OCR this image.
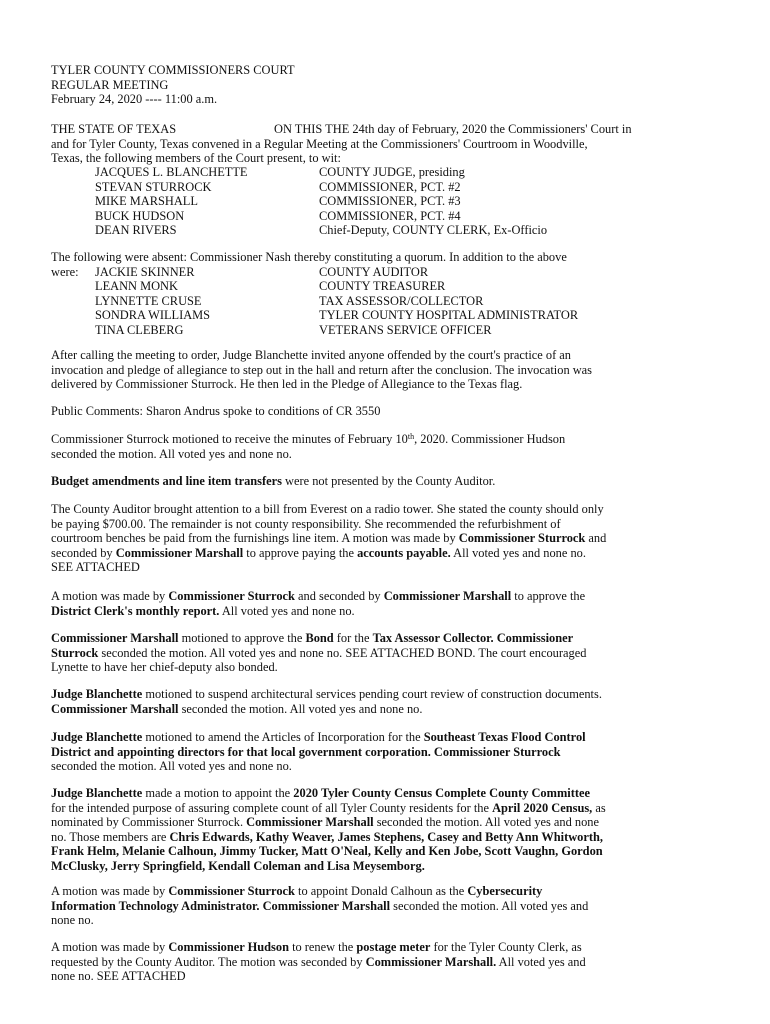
TYLER COUNTY COMMISSIONERS COURT
REGULAR MEETING
February 24, 2020 ---- 11:00 a.m.
THE STATE OF TEXAS	ON THIS THE 24th day of February, 2020 the Commissioners' Court in
and for Tyler County, Texas convened in a Regular Meeting at the Commissioners' Courtroom in Woodville,
Texas, the following members of the Court present, to wit:
JACQUES L. BLANCHETTE	COUNTY JUDGE, presiding
STEVAN STURROCK	COMMISSIONER, PCT. #2
MIKE MARSHALL	COMMISSIONER, PCT. #3
BUCK HUDSON	COMMISSIONER, PCT. #4
DEAN RIVERS	Chief-Deputy, COUNTY CLERK, Ex-Officio
The following were absent: Commissioner Nash thereby constituting a quorum. In addition to the above
were:	JACKIE SKINNER	COUNTY AUDITOR
LEANN MONK	COUNTY TREASURER
LYNNETTE CRUSE	TAX ASSESSOR/COLLECTOR
SONDRA WILLIAMS	TYLER COUNTY HOSPITAL ADMINISTRATOR
TINA CLEBERG	VETERANS SERVICE OFFICER
After calling the meeting to order, Judge Blanchette invited anyone offended by the court's practice of an
invocation and pledge of allegiance to step out in the hall and return after the conclusion. The invocation was
delivered by Commissioner Sturrock. He then led in the Pledge of Allegiance to the Texas flag.
Public Comments: Sharon Andrus spoke to conditions of CR 3550
Commissioner Sturrock motioned to receive the minutes of February 10th, 2020. Commissioner Hudson
seconded the motion. All voted yes and none no.
Budget amendments and line item transfers were not presented by the County Auditor.
The County Auditor brought attention to a bill from Everest on a radio tower. She stated the county should only
be paying $700.00. The remainder is not county responsibility. She recommended the refurbishment of
courtroom benches be paid from the furnishings line item. A motion was made by Commissioner Sturrock and
seconded by Commissioner Marshall to approve paying the accounts payable. All voted yes and none no.
SEE ATTACHED
A motion was made by Commissioner Sturrock and seconded by Commissioner Marshall to approve the
District Clerk's monthly report. All voted yes and none no.
Commissioner Marshall motioned to approve the Bond for the Tax Assessor Collector. Commissioner
Sturrock seconded the motion. All voted yes and none no. SEE ATTACHED BOND. The court encouraged
Lynette to have her chief-deputy also bonded.
Judge Blanchette motioned to suspend architectural services pending court review of construction documents.
Commissioner Marshall seconded the motion. All voted yes and none no.
Judge Blanchette motioned to amend the Articles of Incorporation for the Southeast Texas Flood Control
District and appointing directors for that local government corporation. Commissioner Sturrock
seconded the motion. All voted yes and none no.
Judge Blanchette made a motion to appoint the 2020 Tyler County Census Complete County Committee
for the intended purpose of assuring complete count of all Tyler County residents for the April 2020 Census, as
nominated by Commissioner Sturrock. Commissioner Marshall seconded the motion. All voted yes and none
no. Those members are Chris Edwards, Kathy Weaver, James Stephens, Casey and Betty Ann Whitworth,
Frank Helm, Melanie Calhoun, Jimmy Tucker, Matt O'Neal, Kelly and Ken Jobe, Scott Vaughn, Gordon
McClusky, Jerry Springfield, Kendall Coleman and Lisa Meysemborg.
A motion was made by Commissioner Sturrock to appoint Donald Calhoun as the Cybersecurity
Information Technology Administrator. Commissioner Marshall seconded the motion. All voted yes and
none no.
A motion was made by Commissioner Hudson to renew the postage meter for the Tyler County Clerk, as
requested by the County Auditor. The motion was seconded by Commissioner Marshall. All voted yes and
none no. SEE ATTACHED
